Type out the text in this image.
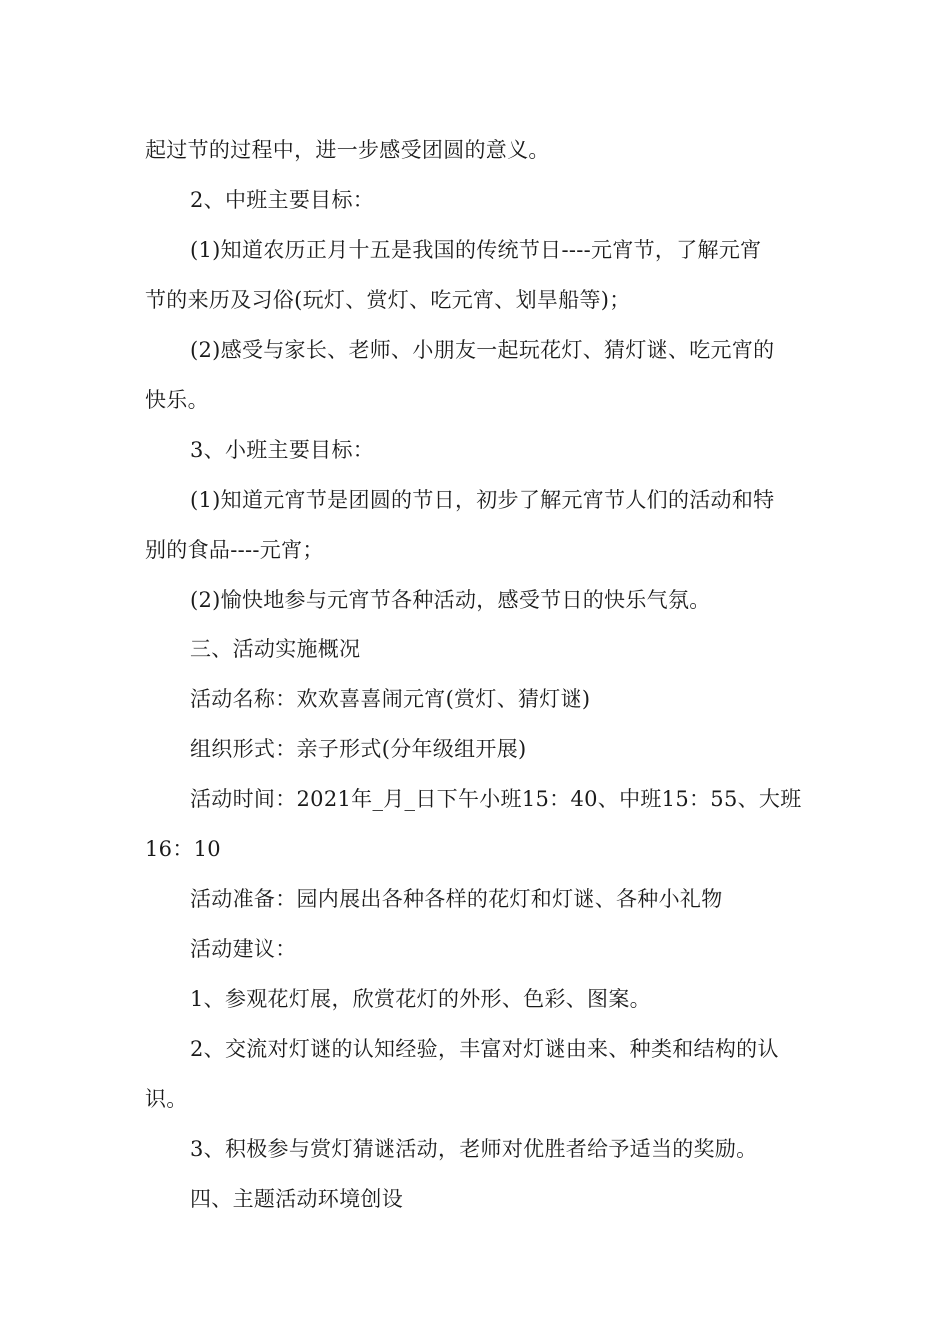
起过节的过程中，进一步感受团圆的意义。
2、中班主要目标：
(1)知道农历正月十五是我国的传统节日----元宵节，了解元宵
节的来历及习俗(玩灯、赏灯、吃元宵、划旱船等)；
(2)感受与家长、老师、小朋友一起玩花灯、猜灯谜、吃元宵的
快乐。
3、小班主要目标：
(1)知道元宵节是团圆的节日，初步了解元宵节人们的活动和特
别的食品----元宵；
(2)愉快地参与元宵节各种活动，感受节日的快乐气氛。
三、活动实施概况
活动名称：欢欢喜喜闹元宵(赏灯、猜灯谜)
组织形式：亲子形式(分年级组开展)
活动时间：2021年_月_日下午小班15：40、中班15：55、大班
16：10
活动准备：园内展出各种各样的花灯和灯谜、各种小礼物
活动建议：
1、参观花灯展，欣赏花灯的外形、色彩、图案。
2、交流对灯谜的认知经验，丰富对灯谜由来、种类和结构的认
识。
3、积极参与赏灯猜谜活动，老师对优胜者给予适当的奖励。
四、主题活动环境创设
